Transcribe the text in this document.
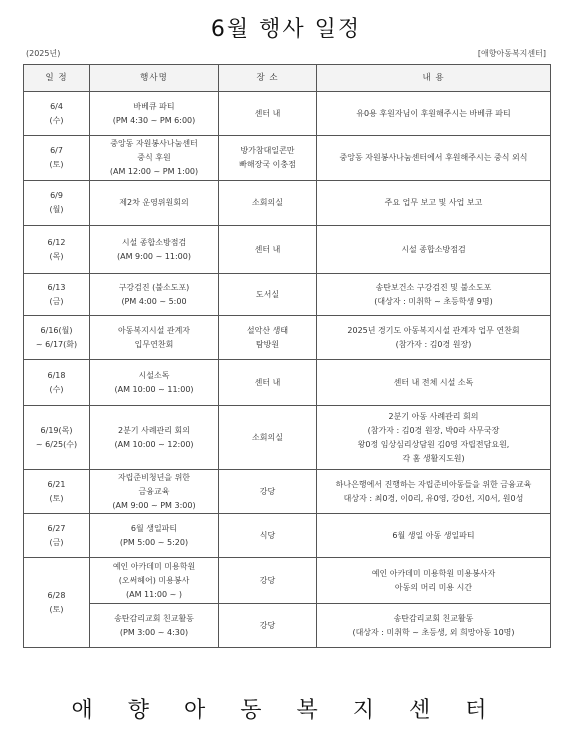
6월 행사 일정
(2025년)	[애향아동복지센터]
일 정	행사명	장 소	내 용

6/4
(수)	바베큐 파티
(PM 4:30 ~ PM 6:00)	센터 내	유0용 후원자님이 후원해주시는 바베큐 파티

6/7
(토)	중앙동 자원봉사나눔센터
중식 후원
(AM 12:00 ~ PM 1:00)	방가참대일콘만
빠해장국 이충점	중앙동 자원봉사나눔센터에서 후원해주시는 중식 외식

6/9
(월)	제2차 운영위원회의	소회의실	주요 업무 보고 및 사업 보고

6/12
(목)	시설 종합소방점검
(AM 9:00 ~ 11:00)	센터 내	시설 종합소방점검

6/13
(금)	구강검진 (불소도포)
(PM 4:00 ~ 5:00	도서실	송탄보건소 구강검진 및 불소도포
(대상자 : 미취학 ~ 초등학생 9명)

6/16(월)
~ 6/17(화)	아동복지시설 관계자
입무연찬회	설악산 생태
탐방원	2025년 경기도 아동복지시설 관계자 업무 연찬회
(참가자 : 김0경 원장)

6/18
(수)	시설소독
(AM 10:00 ~ 11:00)	센터 내	센터 내 전체 시설 소독

6/19(목)
~ 6/25(수)	2분기 사례관리 회의
(AM 10:00 ~ 12:00)	소회의실	2분기 아동 사례관리 회의
(참가자 : 김0경 원장, 박0라 사무국장
왕0정 임상심리상담원 김0영 자립전담요원,
각 홈 생활지도원)

6/21
(토)	자립준비청년을 위한
금융교육
(AM 9:00 ~ PM 3:00)	강당	하나은행에서 진행하는 자립준비아동들을 위한 금융교육
대상자 : 최0경, 이0리, 유0영, 강0선, 지0서, 원0성

6/27
(금)	6월 생일파티
(PM 5:00 ~ 5:20)	식당	6월 생일 아동 생일파티

6/28
(토)	예인 아카데미 미용학원
(오써헤어) 미용봉사
(AM 11:00 ~ )	강당	예인 아카데미 미용학원 미용봉사자
아동의 머리 미용 시간

	송탄감리교회 친교활동
(PM 3:00 ~ 4:30)	강당	송탄감리교회 친교활동
(대상자 : 미취학 ~ 초등생, 외 희망아동 10명)
애 향 아 동 복 지 센 터
